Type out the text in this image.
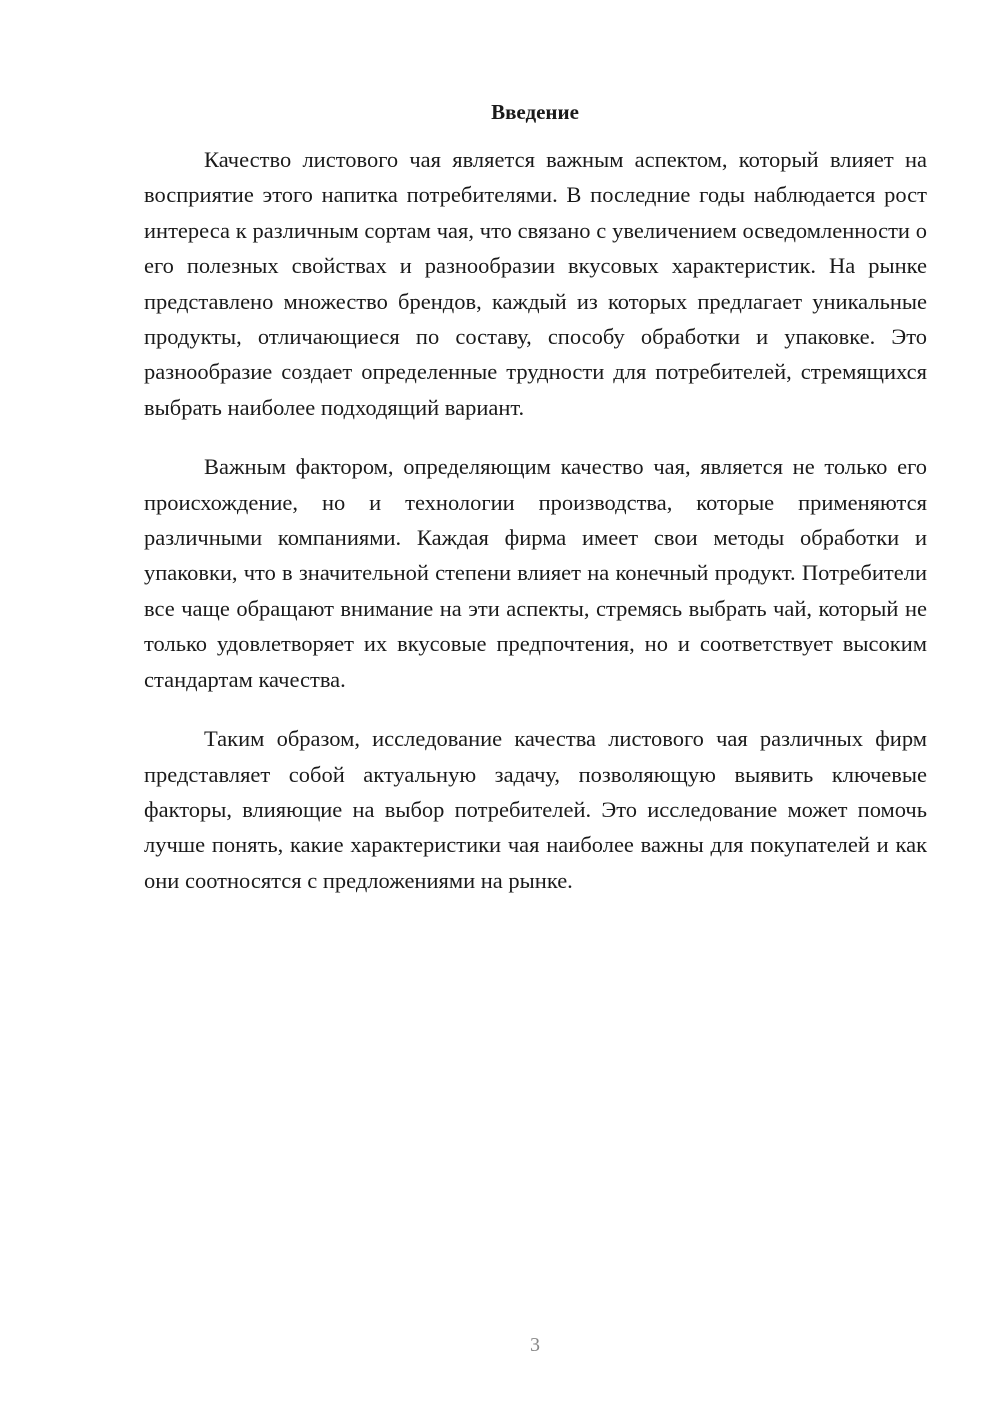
Введение

Качество листового чая является важным аспектом, который влияет на восприятие этого напитка потребителями. В последние годы наблюдается рост интереса к различным сортам чая, что связано с увеличением осведомленности о его полезных свойствах и разнообразии вкусовых характеристик. На рынке представлено множество брендов, каждый из которых предлагает уникальные продукты, отличающиеся по составу, способу обработки и упаковке. Это разнообразие создает определенные трудности для потребителей, стремящихся выбрать наиболее подходящий вариант.

Важным фактором, определяющим качество чая, является не только его происхождение, но и технологии производства, которые применяются различными компаниями. Каждая фирма имеет свои методы обработки и упаковки, что в значительной степени влияет на конечный продукт. Потребители все чаще обращают внимание на эти аспекты, стремясь выбрать чай, который не только удовлетворяет их вкусовые предпочтения, но и соответствует высоким стандартам качества.

Таким образом, исследование качества листового чая различных фирм представляет собой актуальную задачу, позволяющую выявить ключевые факторы, влияющие на выбор потребителей. Это исследование может помочь лучше понять, какие характеристики чая наиболее важны для покупателей и как они соотносятся с предложениями на рынке.

3
